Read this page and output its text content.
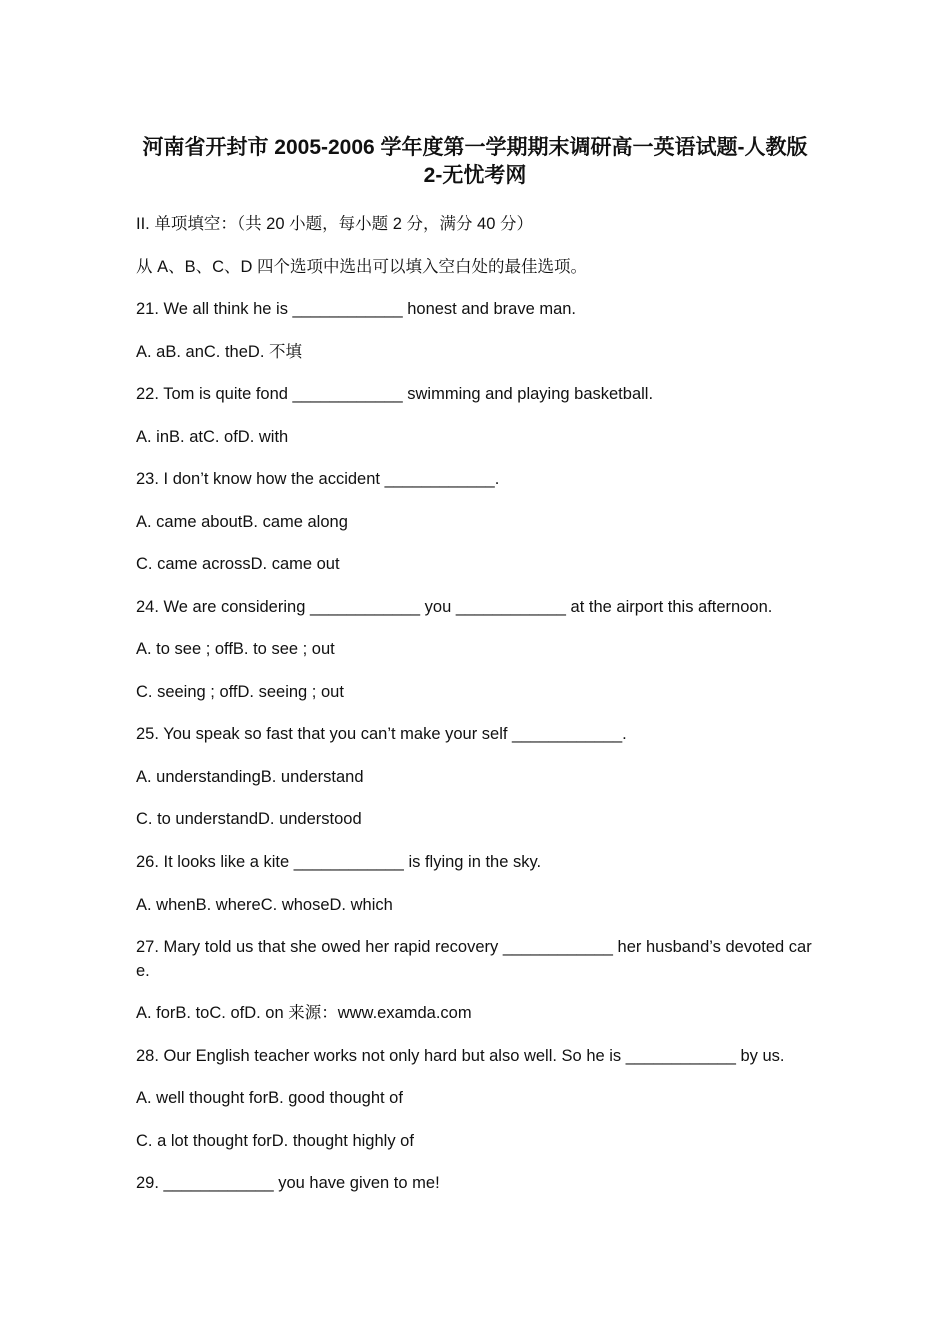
河南省开封市 2005-2006 学年度第一学期期末调研高一英语试题-人教版 2-无忧考网

II. 单项填空：（共 20 小题，每小题 2 分，满分 40 分）

从 A、B、C、D 四个选项中选出可以填入空白处的最佳选项。

21. We all think he is ____________ honest and brave man.

A. aB. anC. theD. 不填

22. Tom is quite fond ____________ swimming and playing basketball.

A. inB. atC. ofD. with

23. I don’t know how the accident ____________.

A. came aboutB. came along

C. came acrossD. came out

24. We are considering ____________ you ____________ at the airport this afternoon.

A. to see ; offB. to see ; out

C. seeing ; offD. seeing ; out

25. You speak so fast that you can’t make your self ____________.

A. understandingB. understand

C. to understandD. understood

26. It looks like a kite ____________ is flying in the sky.

A. whenB. whereC. whoseD. which

27. Mary told us that she owed her rapid recovery ____________ her husband’s devoted care.

A. forB. toC. ofD. on 来源：www.examda.com

28. Our English teacher works not only hard but also well. So he is ____________ by us.

A. well thought forB. good thought of

C. a lot thought forD. thought highly of

29. ____________ you have given to me!
